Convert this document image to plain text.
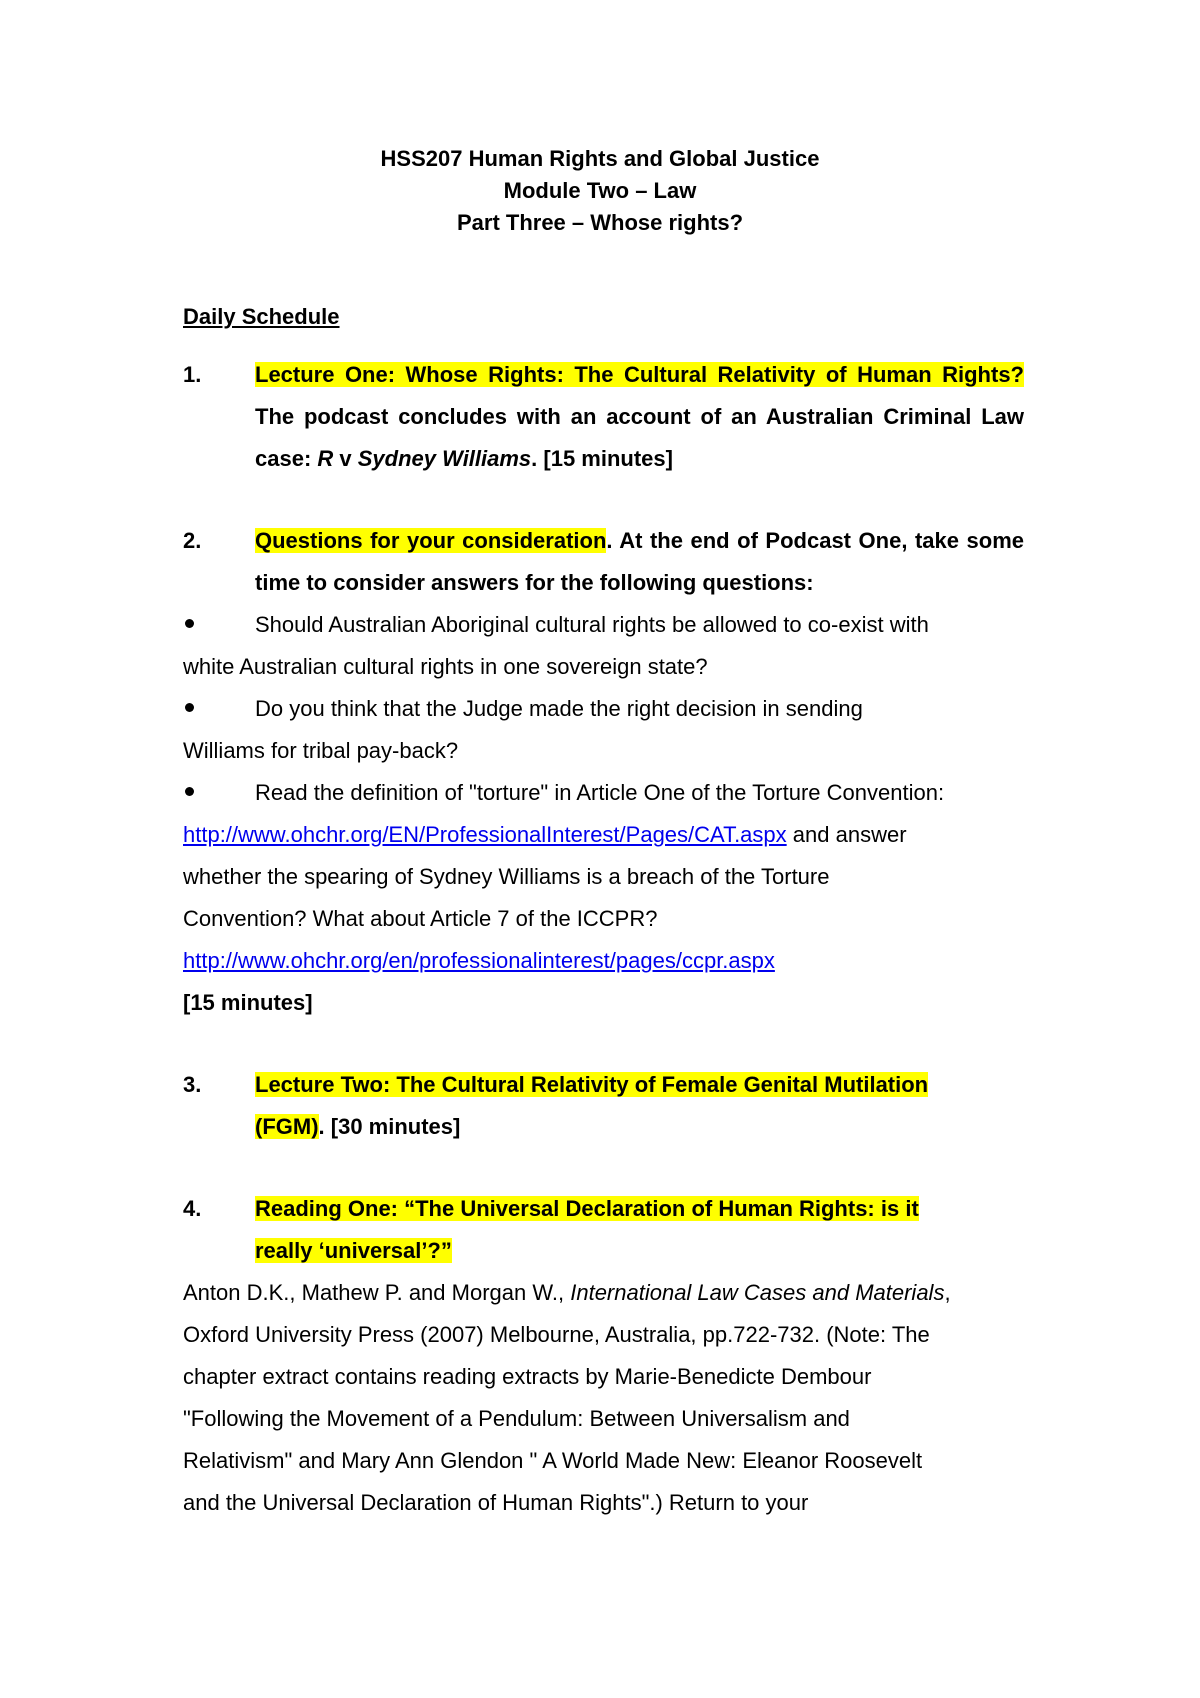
HSS207 Human Rights and Global Justice
Module Two – Law
Part Three – Whose rights?
Daily Schedule
1. Lecture One: Whose Rights: The Cultural Relativity of Human Rights? The podcast concludes with an account of an Australian Criminal Law case: R v Sydney Williams. [15 minutes]
2. Questions for your consideration. At the end of Podcast One, take some time to consider answers for the following questions:
Should Australian Aboriginal cultural rights be allowed to co-exist with
white Australian cultural rights in one sovereign state?
Do you think that the Judge made the right decision in sending
Williams for tribal pay-back?
Read the definition of "torture" in Article One of the Torture Convention:
http://www.ohchr.org/EN/ProfessionalInterest/Pages/CAT.aspx and answer
whether the spearing of Sydney Williams is a breach of the Torture
Convention? What about Article 7 of the ICCPR?
http://www.ohchr.org/en/professionalinterest/pages/ccpr.aspx
[15 minutes]
3. Lecture Two: The Cultural Relativity of Female Genital Mutilation (FGM). [30 minutes]
4. Reading One: “The Universal Declaration of Human Rights: is it really ‘universal’?”
Anton D.K., Mathew P. and Morgan W., International Law Cases and Materials, Oxford University Press (2007) Melbourne, Australia, pp.722-732. (Note: The chapter extract contains reading extracts by Marie-Benedicte Dembour "Following the Movement of a Pendulum: Between Universalism and Relativism" and Mary Ann Glendon " A World Made New: Eleanor Roosevelt and the Universal Declaration of Human Rights".) Return to your
